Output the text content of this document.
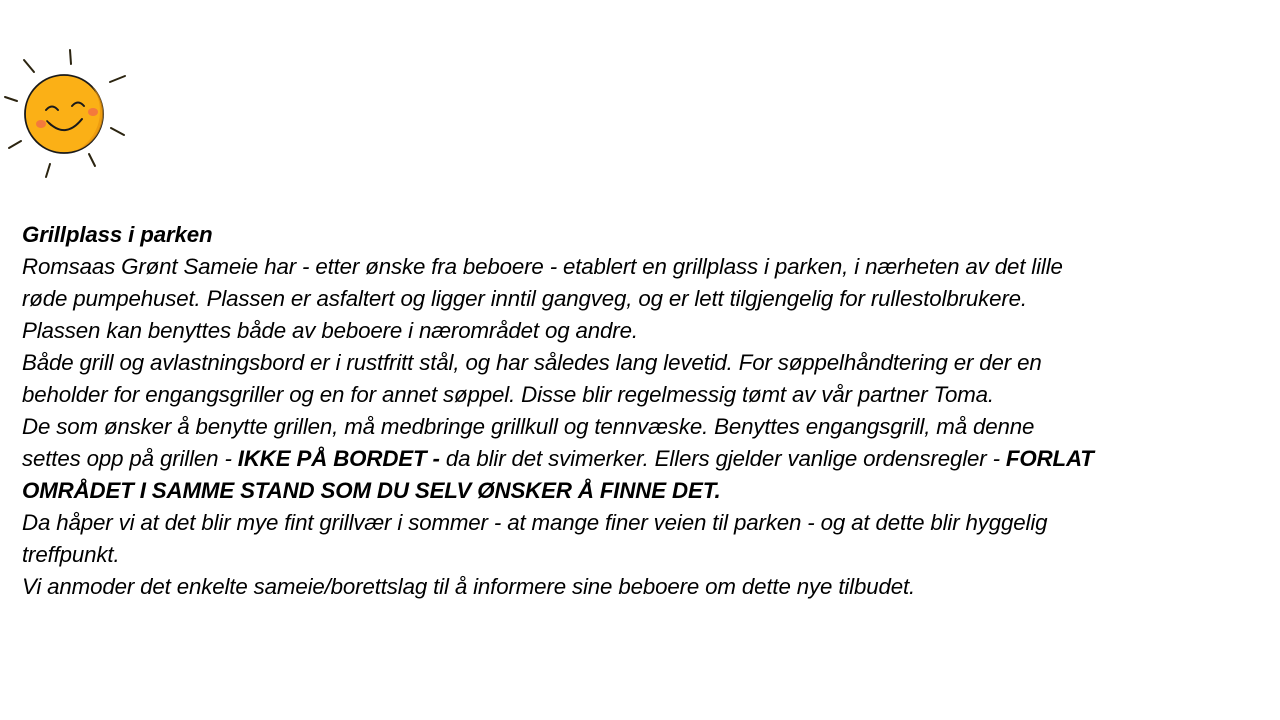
Grillplass i parken

Romsaas Grønt Sameie har - etter ønske fra beboere - etablert en grillplass i parken, i nærheten av det lille

røde pumpehuset. Plassen er asfaltert og ligger inntil gangveg, og er lett tilgjengelig for rullestolbrukere.

Plassen kan benyttes både av beboere i nærområdet og andre.

Både grill og avlastningsbord er i rustfritt stål, og har således lang levetid. For søppelhåndtering er der en

beholder for engangsgriller og en for annet søppel. Disse blir regelmessig tømt av vår partner Toma.

De som ønsker å benytte grillen, må medbringe grillkull og tennvæske. Benyttes engangsgrill, må denne

settes opp på grillen - IKKE PÅ BORDET - da blir det svimerker. Ellers gjelder vanlige ordensregler - FORLAT

OMRÅDET I SAMME STAND SOM DU SELV ØNSKER Å FINNE DET.

Da håper vi at det blir mye fint grillvær i sommer - at mange finer veien til parken - og at dette blir hyggelig

treffpunkt.

Vi anmoder det enkelte sameie/borettslag til å informere sine beboere om dette nye tilbudet.
